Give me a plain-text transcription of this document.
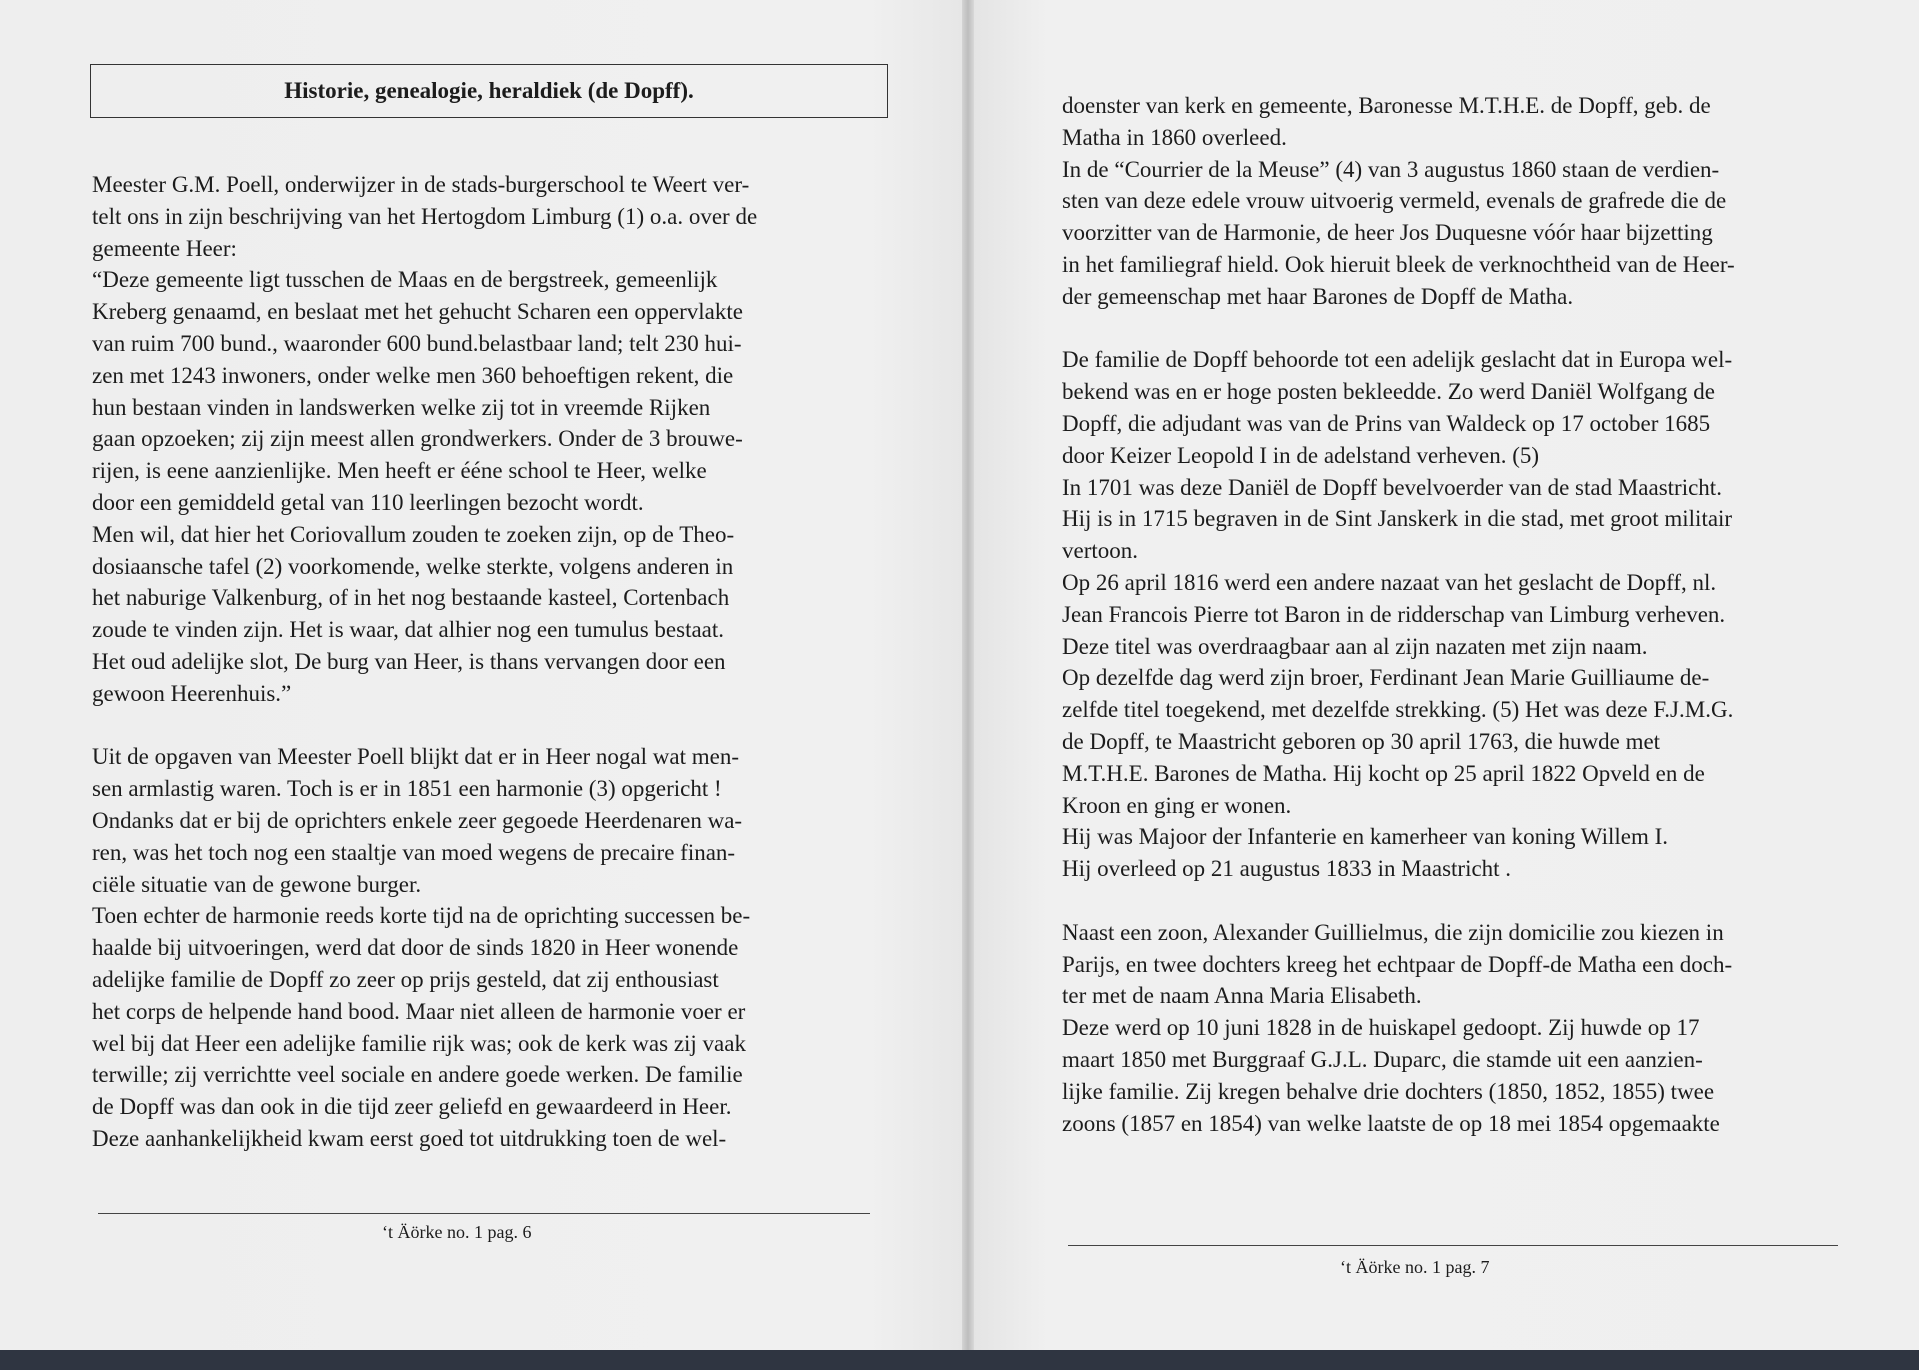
Historie, genealogie, heraldiek (de Dopff).
Meester G.M. Poell, onderwijzer in de stads-burgerschool te Weert ver-
telt ons in zijn beschrijving van het Hertogdom Limburg (1) o.a. over de
gemeente Heer:
“Deze gemeente ligt tusschen de Maas en de bergstreek, gemeenlijk
Kreberg genaamd, en beslaat met het gehucht Scharen een oppervlakte
van ruim 700 bund., waaronder 600 bund.belastbaar land; telt 230 hui-
zen met 1243 inwoners, onder welke men 360 behoeftigen rekent, die
hun bestaan vinden in landswerken welke zij tot in vreemde Rijken
gaan opzoeken; zij zijn meest allen grondwerkers. Onder de 3 brouwe-
rijen, is eene aanzienlijke. Men heeft er ééne school te Heer, welke
door een gemiddeld getal van 110 leerlingen bezocht wordt.
Men wil, dat hier het Coriovallum zouden te zoeken zijn, op de Theo-
dosiaansche tafel (2) voorkomende, welke sterkte, volgens anderen in
het naburige Valkenburg, of in het nog bestaande kasteel, Cortenbach
zoude te vinden zijn. Het is waar, dat alhier nog een tumulus bestaat.
Het oud adelijke slot, De burg van Heer, is thans vervangen door een
gewoon Heerenhuis.”
Uit de opgaven van Meester Poell blijkt dat er in Heer nogal wat men-
sen armlastig waren. Toch is er in 1851 een harmonie (3) opgericht !
Ondanks dat er bij de oprichters enkele zeer gegoede Heerdenaren wa-
ren, was het toch nog een staaltje van moed wegens de precaire finan-
ciële situatie van de gewone burger.
Toen echter de harmonie reeds korte tijd na de oprichting successen be-
haalde bij uitvoeringen, werd dat door de sinds 1820 in Heer wonende
adelijke familie de Dopff zo zeer op prijs gesteld, dat zij enthousiast
het corps de helpende hand bood. Maar niet alleen de harmonie voer er
wel bij dat Heer een adelijke familie rijk was; ook de kerk was zij vaak
terwille; zij verrichtte veel sociale en andere goede werken. De familie
de Dopff was dan ook in die tijd zeer geliefd en gewaardeerd in Heer.
Deze aanhankelijkheid kwam eerst goed tot uitdrukking toen de wel-
doenster van kerk en gemeente, Baronesse M.T.H.E. de Dopff, geb. de
Matha in 1860 overleed.
In de “Courrier de la Meuse” (4) van 3 augustus 1860 staan de verdien-
sten van deze edele vrouw uitvoerig vermeld, evenals de grafrede die de
voorzitter van de Harmonie, de heer Jos Duquesne vóór haar bijzetting
in het familiegraf hield. Ook hieruit bleek de verknochtheid van de Heer-
der gemeenschap met haar Barones de Dopff de Matha.
De familie de Dopff behoorde tot een adelijk geslacht dat in Europa wel-
bekend was en er hoge posten bekleedde. Zo werd Daniël Wolfgang de
Dopff, die adjudant was van de Prins van Waldeck op 17 october 1685
door Keizer Leopold I in de adelstand verheven. (5)
In 1701 was deze Daniël de Dopff bevelvoerder van de stad Maastricht.
Hij is in 1715 begraven in de Sint Janskerk in die stad, met groot militair
vertoon.
Op 26 april 1816 werd een andere nazaat van het geslacht de Dopff, nl.
Jean Francois Pierre tot Baron in de ridderschap van Limburg verheven.
Deze titel was overdraagbaar aan al zijn nazaten met zijn naam.
Op dezelfde dag werd zijn broer, Ferdinant Jean Marie Guilliaume de-
zelfde titel toegekend, met dezelfde strekking. (5) Het was deze F.J.M.G.
de Dopff, te Maastricht geboren op 30 april 1763, die huwde met
M.T.H.E. Barones de Matha. Hij kocht op 25 april 1822 Opveld en de
Kroon en ging er wonen.
Hij was Majoor der Infanterie en kamerheer van koning Willem I.
Hij overleed op 21 augustus 1833 in Maastricht .
Naast een zoon, Alexander Guillielmus, die zijn domicilie zou kiezen in
Parijs, en twee dochters kreeg het echtpaar de Dopff-de Matha een doch-
ter met de naam Anna Maria Elisabeth.
Deze werd op 10 juni 1828 in de huiskapel gedoopt. Zij huwde op 17
maart 1850 met Burggraaf G.J.L. Duparc, die stamde uit een aanzien-
lijke familie. Zij kregen behalve drie dochters (1850, 1852, 1855) twee
zoons (1857 en 1854) van welke laatste de op 18 mei 1854 opgemaakte
‘t Äörke no. 1 pag. 6
‘t Äörke no. 1 pag. 7
